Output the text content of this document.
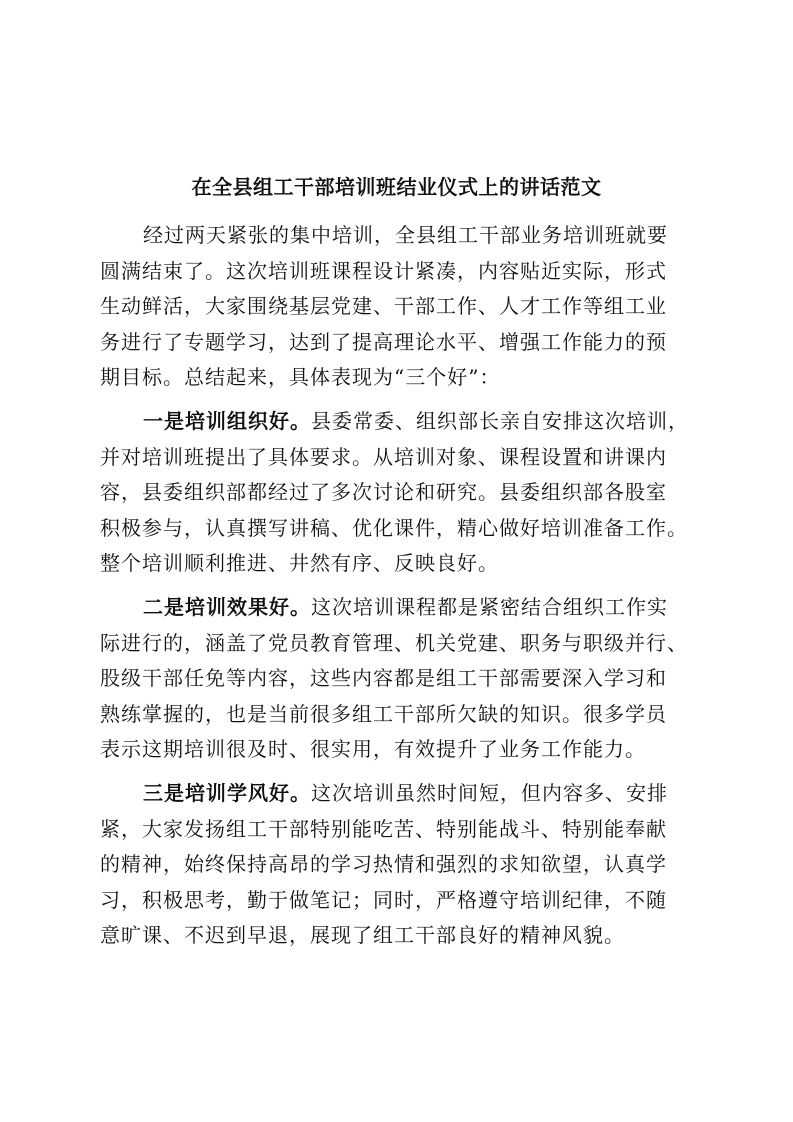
在全县组工干部培训班结业仪式上的讲话范文
经过两天紧张的集中培训，全县组工干部业务培训班就要
圆满结束了。这次培训班课程设计紧凑，内容贴近实际，形式
生动鲜活，大家围绕基层党建、干部工作、人才工作等组工业
务进行了专题学习，达到了提高理论水平、增强工作能力的预
期目标。总结起来，具体表现为“三个好”：
一是培训组织好。县委常委、组织部长亲自安排这次培训，
并对培训班提出了具体要求。从培训对象、课程设置和讲课内
容，县委组织部都经过了多次讨论和研究。县委组织部各股室
积极参与，认真撰写讲稿、优化课件，精心做好培训准备工作。
整个培训顺利推进、井然有序、反映良好。
二是培训效果好。这次培训课程都是紧密结合组织工作实
际进行的，涵盖了党员教育管理、机关党建、职务与职级并行、
股级干部任免等内容，这些内容都是组工干部需要深入学习和
熟练掌握的，也是当前很多组工干部所欠缺的知识。很多学员
表示这期培训很及时、很实用，有效提升了业务工作能力。
三是培训学风好。这次培训虽然时间短，但内容多、安排
紧，大家发扬组工干部特别能吃苦、特别能战斗、特别能奉献
的精神，始终保持高昂的学习热情和强烈的求知欲望，认真学
习，积极思考，勤于做笔记；同时，严格遵守培训纪律，不随
意旷课、不迟到早退，展现了组工干部良好的精神风貌。
